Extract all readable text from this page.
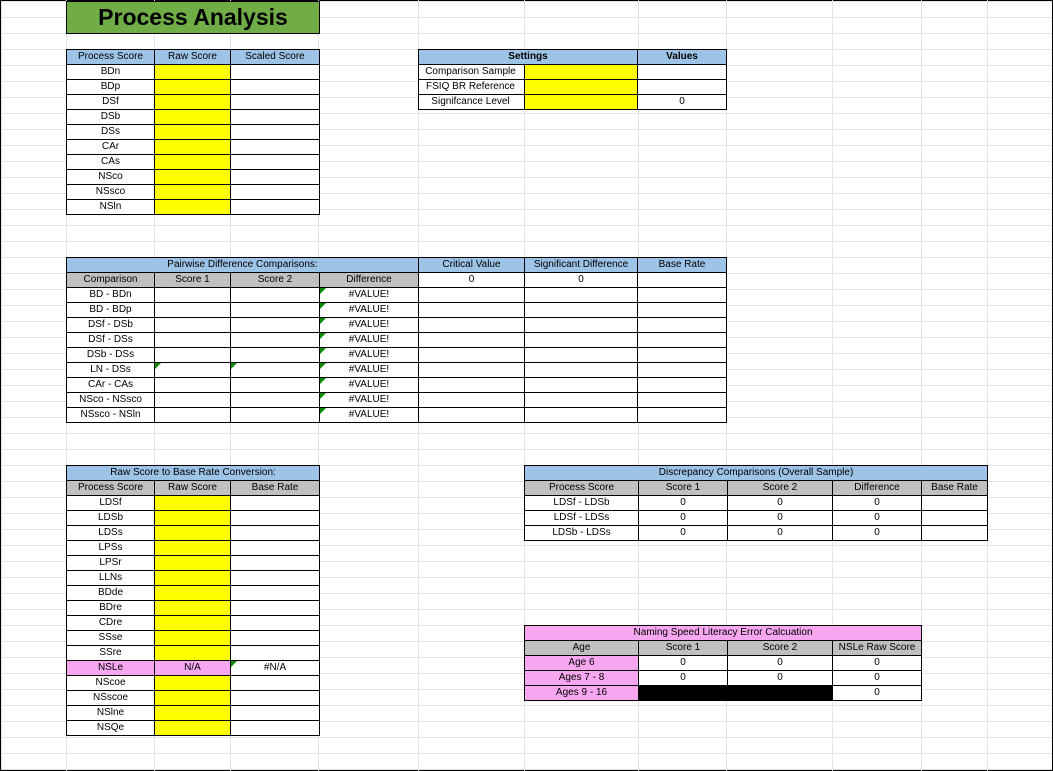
Process Analysis
Process Score	Raw Score	Scaled Score
BDn		
BDp		
DSf		
DSb		
DSs		
CAr		
CAs		
NSco		
NSsco		
NSln		
Settings		Values
Comparison Sample		
FSIQ BR Reference		
Signifcance Level		0
Pairwise Difference Comparisons:				Critical Value	Significant Difference	Base Rate
Comparison	Score 1	Score 2	Difference	0	0	
BD - BDn			#VALUE!			
BD - BDp			#VALUE!			
DSf - DSb			#VALUE!			
DSf - DSs			#VALUE!			
DSb - DSs			#VALUE!			
LN - DSs			#VALUE!			
CAr - CAs			#VALUE!			
NSco - NSsco			#VALUE!			
NSsco - NSln			#VALUE!			
Raw Score to Base Rate Conversion:		
Process Score	Raw Score	Base Rate
LDSf		
LDSb		
LDSs		
LPSs		
LPSr		
LLNs		
BDde		
BDre		
CDre		
SSse		
SSre		
NSLe	N/A	#N/A
NScoe		
NSscoe		
NSlne		
NSQe		
Discrepancy Comparisons (Overall Sample)				
Process Score	Score 1	Score 2	Difference	Base Rate
LDSf - LDSb	0	0	0	
LDSf - LDSs	0	0	0	
LDSb - LDSs	0	0	0	
Naming Speed Literacy Error Calcuation			
Age	Score 1	Score 2	NSLe Raw Score
Age 6	0	0	0
Ages 7 - 8	0	0	0
Ages 9 - 16			0
